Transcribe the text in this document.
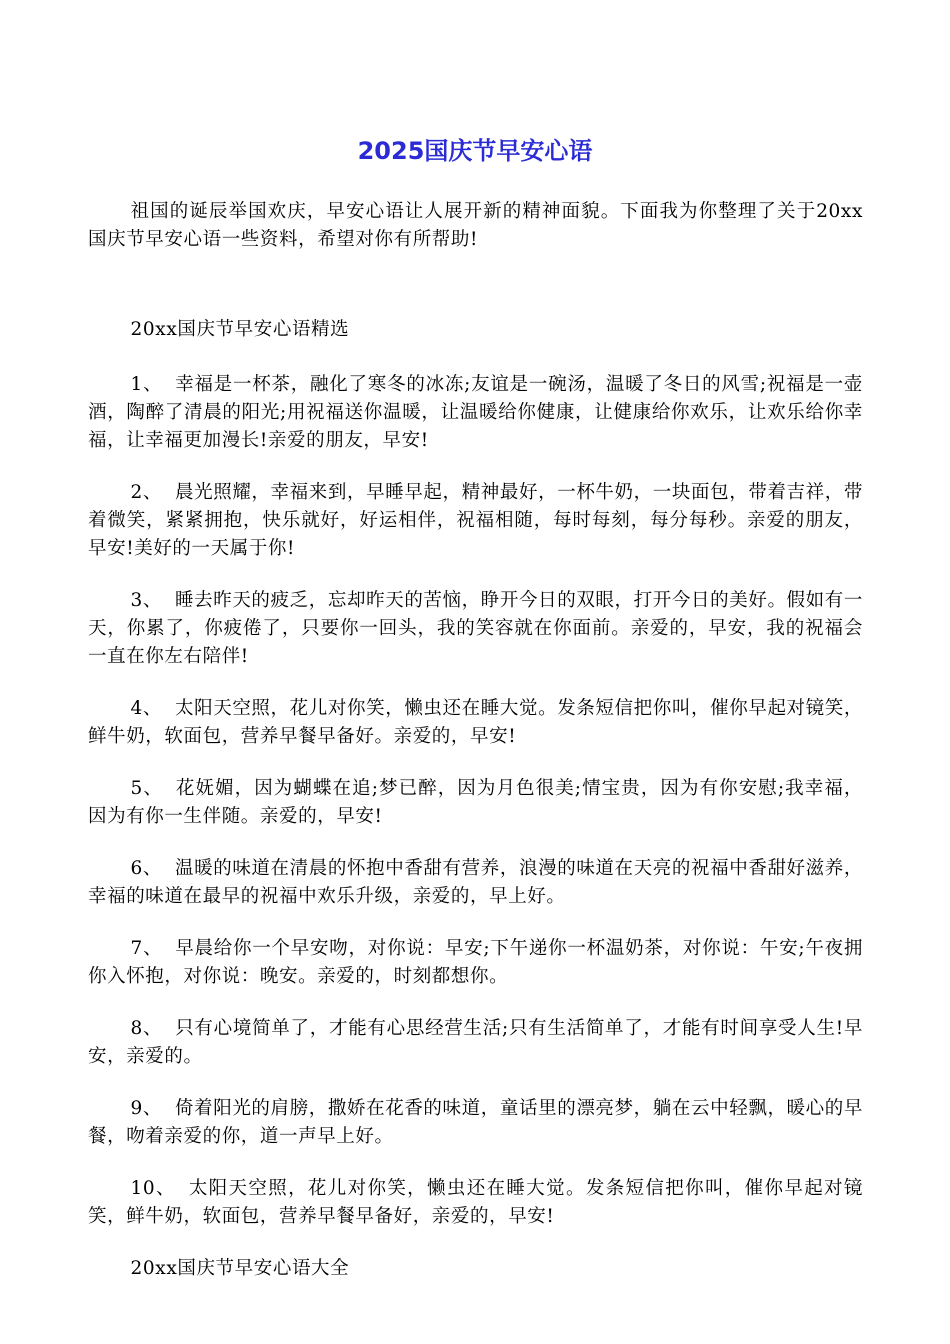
2025国庆节早安心语

祖国的诞辰举国欢庆，早安心语让人展开新的精神面貌。下面我为你整理了关于20xx国庆节早安心语一些资料，希望对你有所帮助!

20xx国庆节早安心语精选

1、 幸福是一杯茶，融化了寒冬的冰冻;友谊是一碗汤，温暖了冬日的风雪;祝福是一壶酒，陶醉了清晨的阳光;用祝福送你温暖，让温暖给你健康，让健康给你欢乐，让欢乐给你幸福，让幸福更加漫长!亲爱的朋友，早安!

2、 晨光照耀，幸福来到，早睡早起，精神最好，一杯牛奶，一块面包，带着吉祥，带着微笑，紧紧拥抱，快乐就好，好运相伴，祝福相随，每时每刻，每分每秒。亲爱的朋友，早安!美好的一天属于你!

3、 睡去昨天的疲乏，忘却昨天的苦恼，睁开今日的双眼，打开今日的美好。假如有一天，你累了，你疲倦了，只要你一回头，我的笑容就在你面前。亲爱的，早安，我的祝福会一直在你左右陪伴!

4、 太阳天空照，花儿对你笑，懒虫还在睡大觉。发条短信把你叫，催你早起对镜笑，鲜牛奶，软面包，营养早餐早备好。亲爱的，早安!

5、 花妩媚，因为蝴蝶在追;梦已醉，因为月色很美;情宝贵，因为有你安慰;我幸福，因为有你一生伴随。亲爱的，早安!

6、 温暖的味道在清晨的怀抱中香甜有营养，浪漫的味道在天亮的祝福中香甜好滋养，幸福的味道在最早的祝福中欢乐升级，亲爱的，早上好。

7、 早晨给你一个早安吻，对你说：早安;下午递你一杯温奶茶，对你说：午安;午夜拥你入怀抱，对你说：晚安。亲爱的，时刻都想你。

8、 只有心境简单了，才能有心思经营生活;只有生活简单了，才能有时间享受人生!早安，亲爱的。

9、 倚着阳光的肩膀，撒娇在花香的味道，童话里的漂亮梦，躺在云中轻飘，暖心的早餐，吻着亲爱的你，道一声早上好。

10、 太阳天空照，花儿对你笑，懒虫还在睡大觉。发条短信把你叫，催你早起对镜笑，鲜牛奶，软面包，营养早餐早备好，亲爱的，早安!

20xx国庆节早安心语大全
